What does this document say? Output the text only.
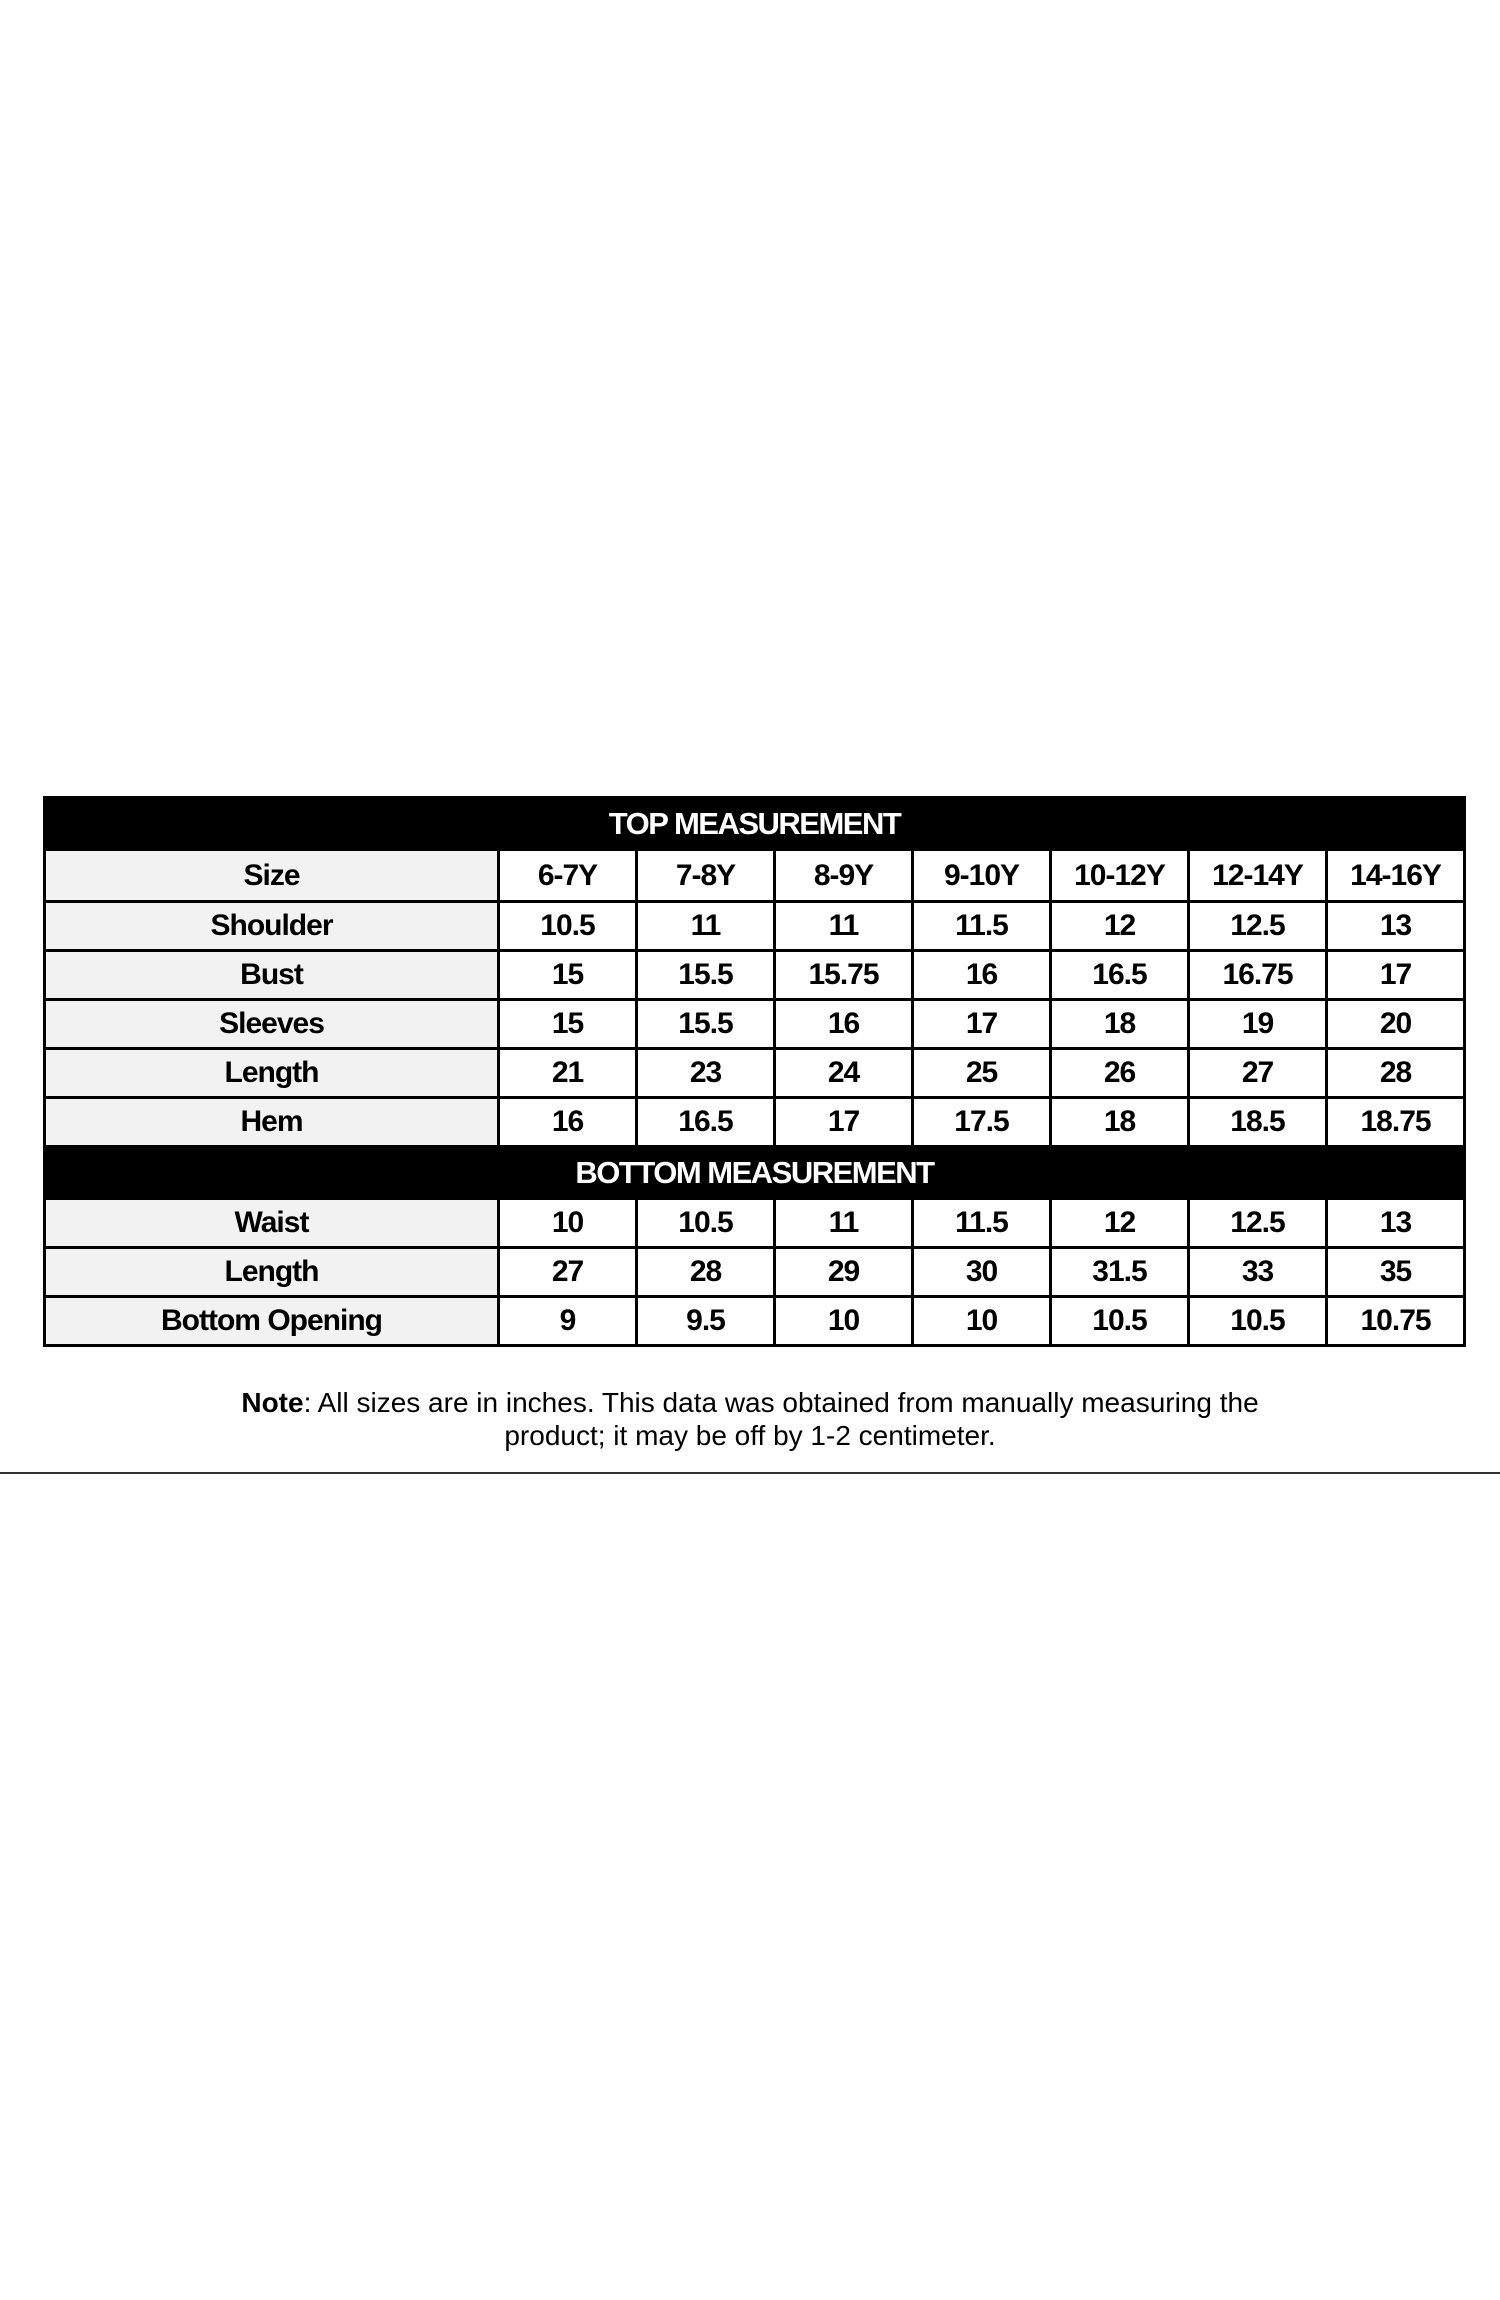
TOP MEASUREMENT							
Size	6-7Y	7-8Y	8-9Y	9-10Y	10-12Y	12-14Y	14-16Y
Shoulder	10.5	11	11	11.5	12	12.5	13
Bust	15	15.5	15.75	16	16.5	16.75	17
Sleeves	15	15.5	16	17	18	19	20
Length	21	23	24	25	26	27	28
Hem	16	16.5	17	17.5	18	18.5	18.75
BOTTOM MEASUREMENT							
Waist	10	10.5	11	11.5	12	12.5	13
Length	27	28	29	30	31.5	33	35
Bottom Opening	9	9.5	10	10	10.5	10.5	10.75
Note: All sizes are in inches. This data was obtained from manually measuring the
product; it may be off by 1-2 centimeter.
